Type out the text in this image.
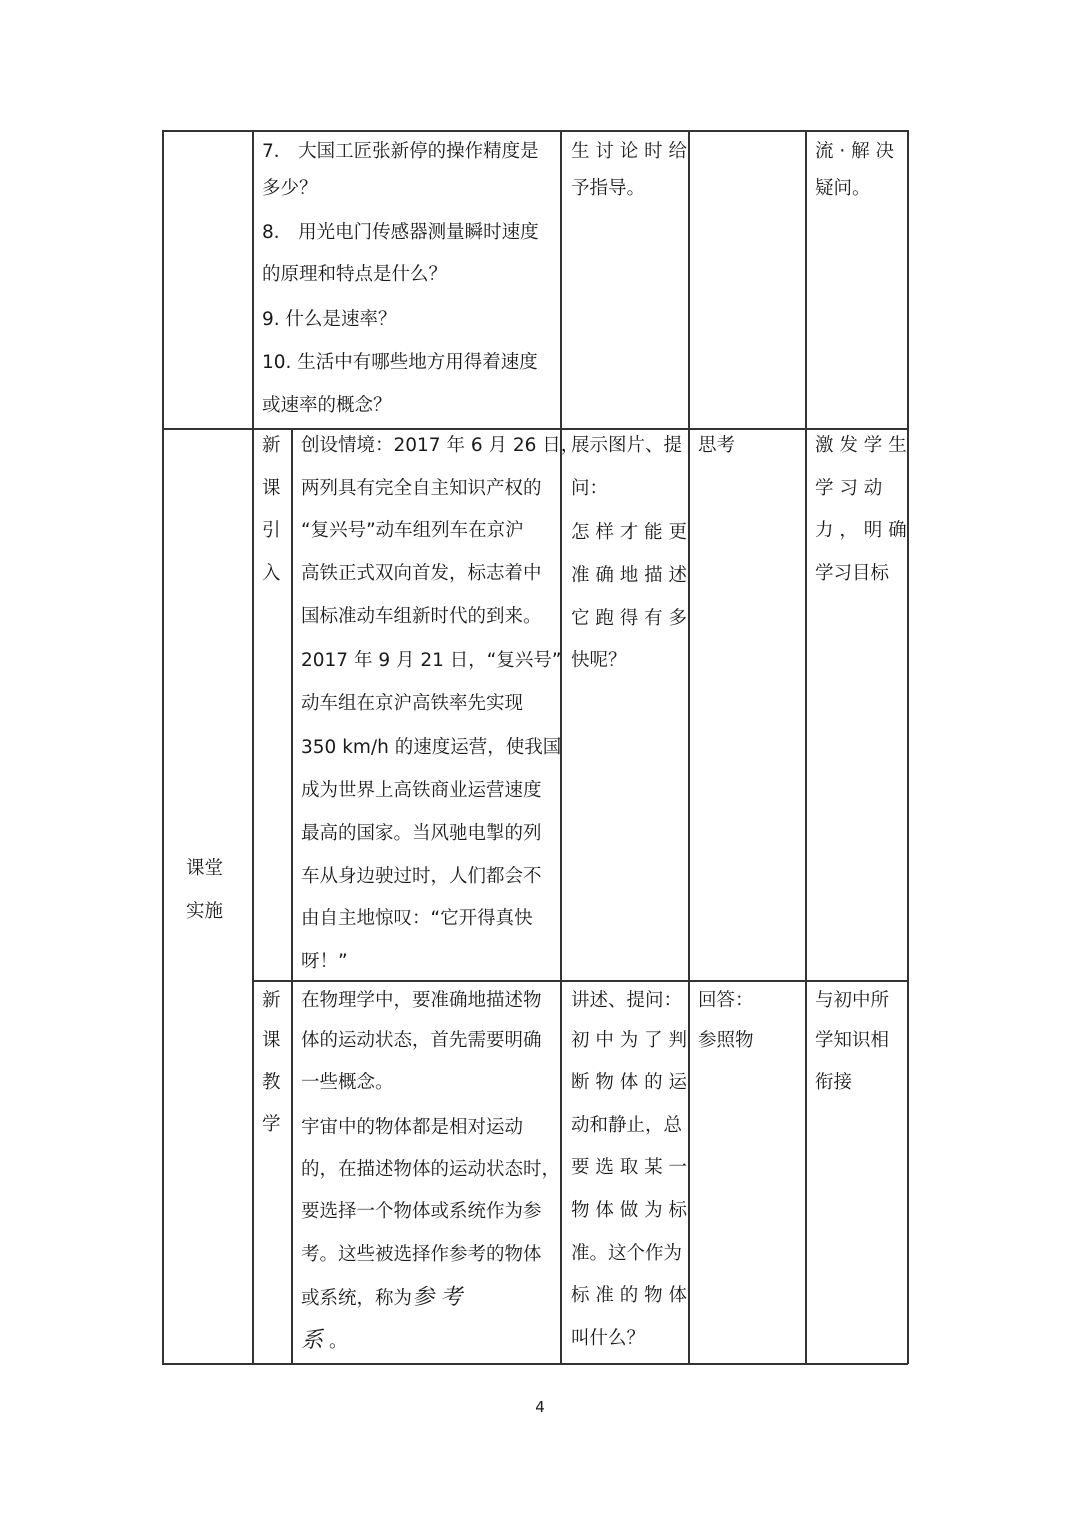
7． 大国工匠张新停的操作精度是
多少？
8． 用光电门传感器测量瞬时速度
的原理和特点是什么？
9. 什么是速率？
10. 生活中有哪些地方用得着速度
或速率的概念？
生 讨 论 时 给
予指导。
流 · 解 决
疑问。
课堂
实施
新
课
引
入
创设情境：2017 年 6 月 26 日，
两列具有完全自主知识产权的
“复兴号”动车组列车在京沪
高铁正式双向首发，标志着中
国标准动车组新时代的到来。
2017 年 9 月 21 日，“复兴号”
动车组在京沪高铁率先实现
350 km/h 的速度运营，使我国
成为世界上高铁商业运营速度
最高的国家。当风驰电掣的列
车从身边驶过时，人们都会不
由自主地惊叹：“它开得真快
呀！”
展示图片、提
问：
怎 样 才 能 更
准 确 地 描 述
它 跑 得 有 多
快呢？
思考	激 发 学 生
学 习 动
力 ， 明 确
学习目标
新
课
教
学
在物理学中，要准确地描述物
体的运动状态，首先需要明确
一些概念。
宇宙中的物体都是相对运动
的，在描述物体的运动状态时，
要选择一个物体或系统作为参
考。这些被选择作参考的物体
或系统，称为参考
系。
讲述、提问：
初 中 为 了 判
断 物 体 的 运
动和静止，总
要 选 取 某 一
物 体 做 为 标
准。这个作为
标 准 的 物 体
叫什么？
回答：
参照物
与初中所
学知识相
衔接
4
